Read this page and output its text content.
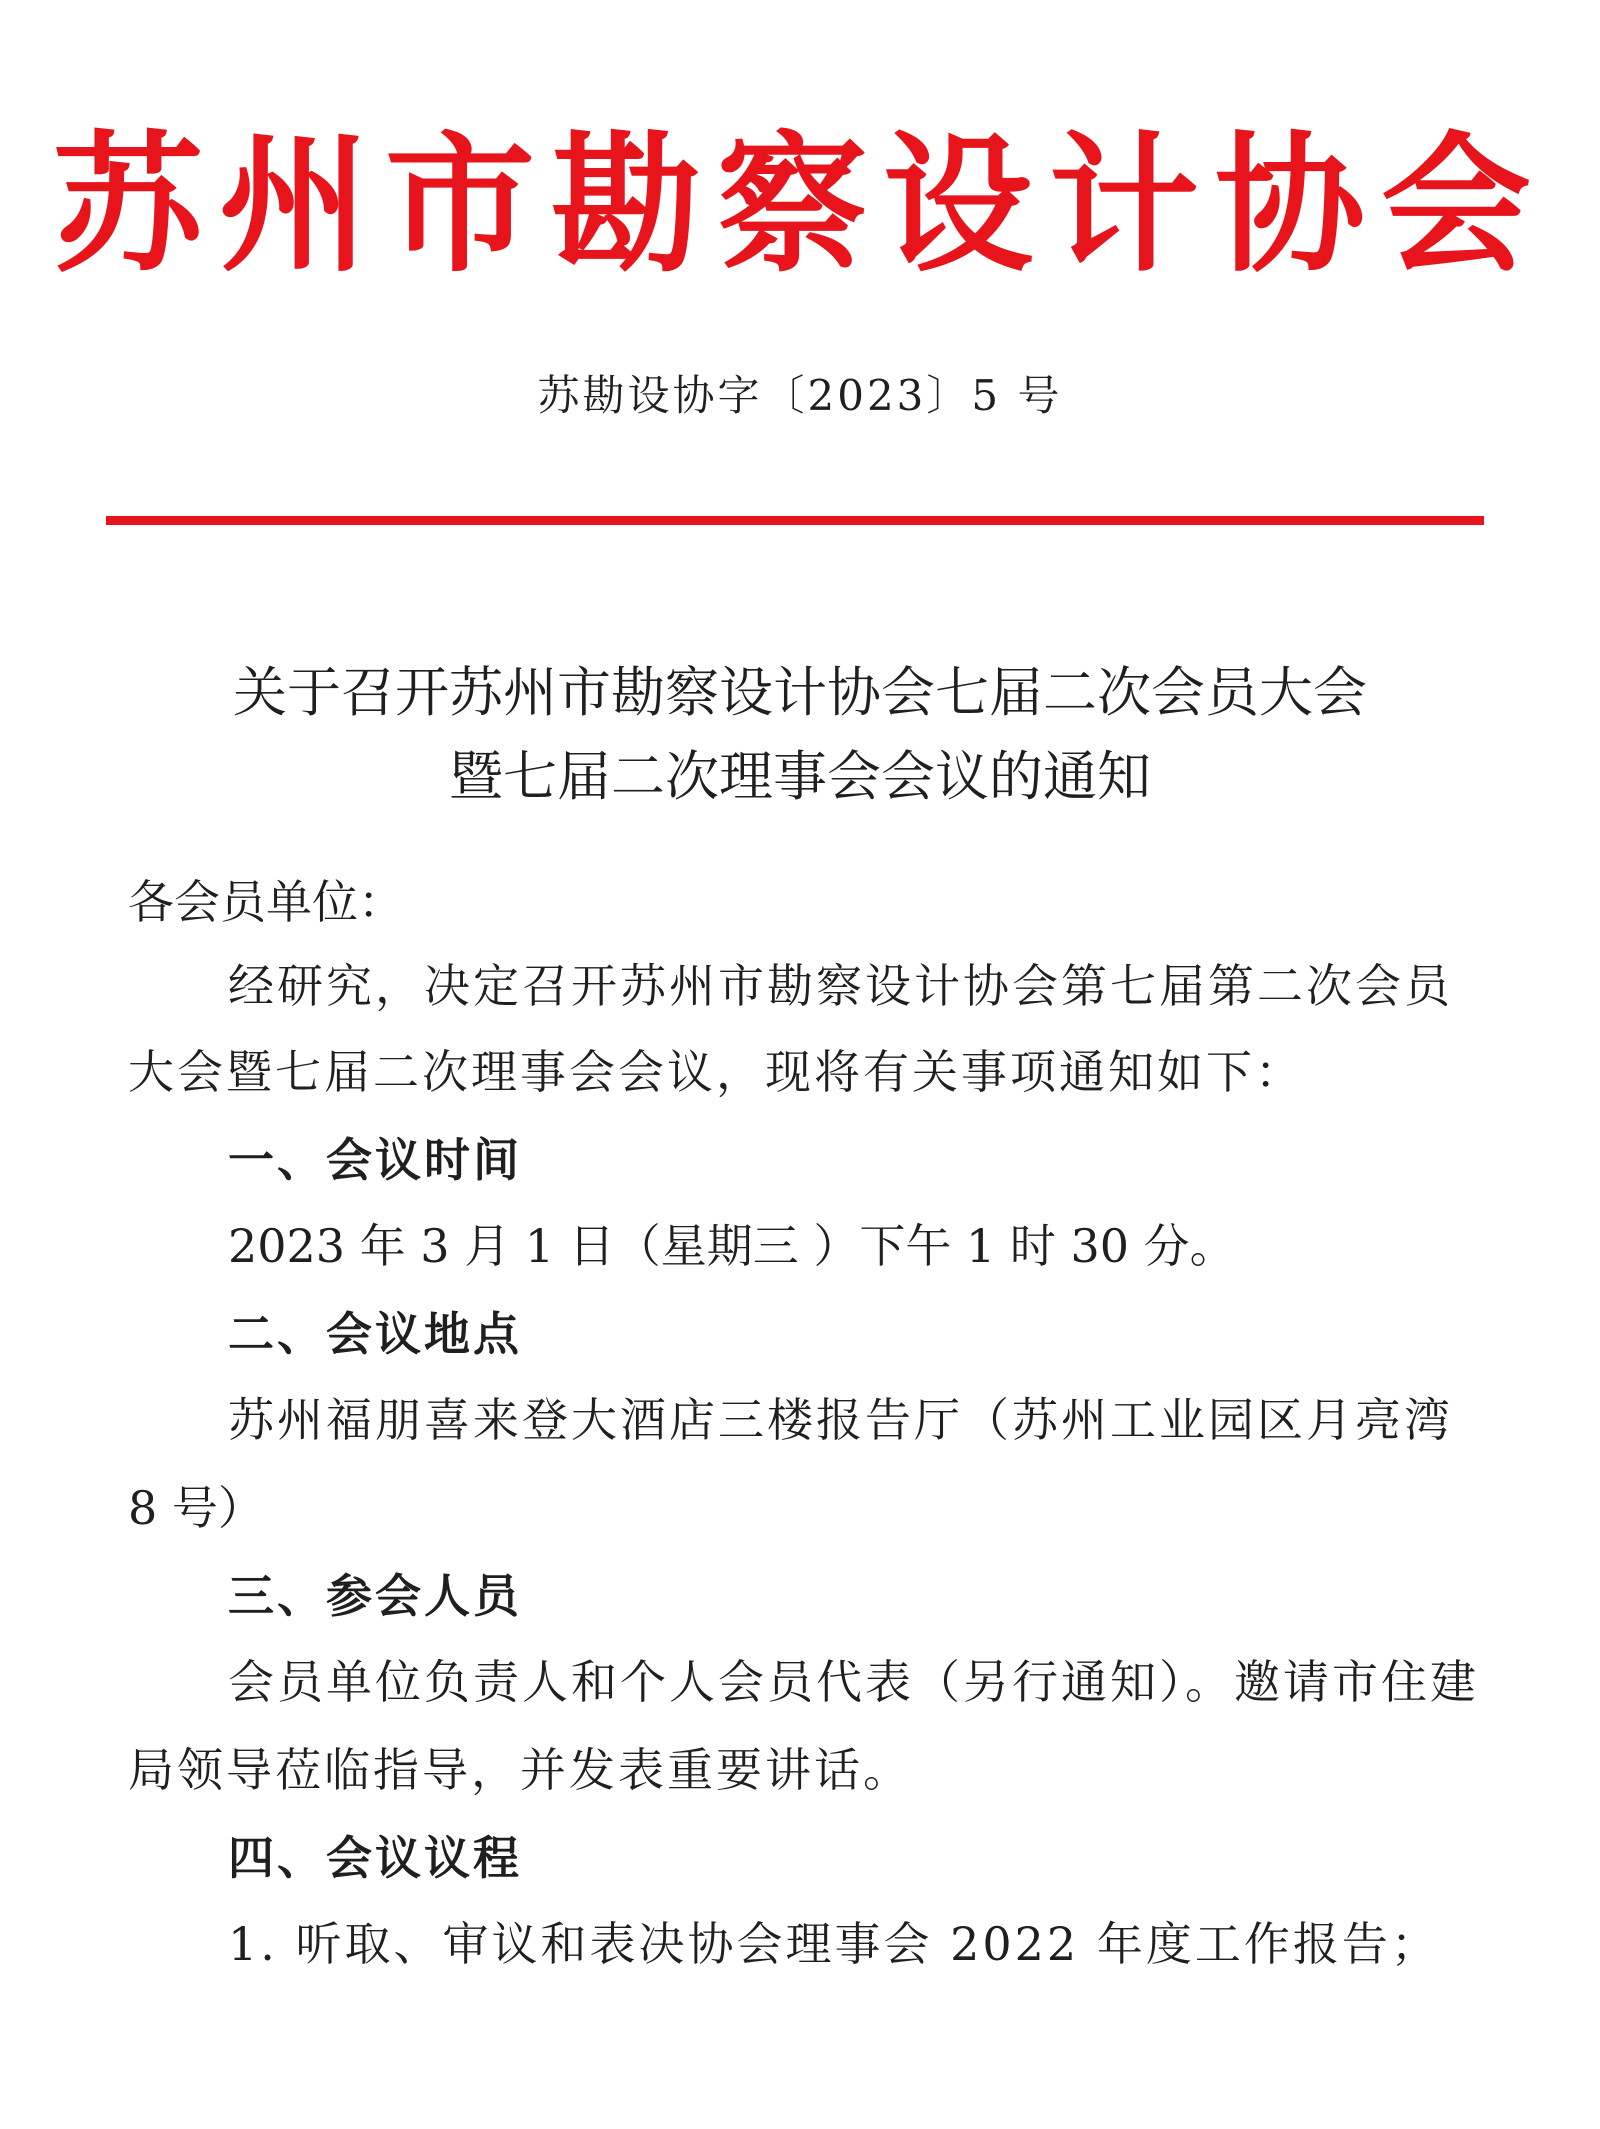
苏州市勘察设计协会
苏勘设协字〔2023〕5 号
关于召开苏州市勘察设计协会七届二次会员大会
暨七届二次理事会会议的通知
各会员单位：
经研究，决定召开苏州市勘察设计协会第七届第二次会员
大会暨七届二次理事会会议，现将有关事项通知如下：
一、会议时间
2023 年 3 月 1 日（星期三 ）下午 1 时 30 分。
二、会议地点
苏州福朋喜来登大酒店三楼报告厅（苏州工业园区月亮湾
8 号）
三、参会人员
会员单位负责人和个人会员代表（另行通知）。邀请市住建
局领导莅临指导，并发表重要讲话。
四、会议议程
1. 听取、审议和表决协会理事会 2022 年度工作报告；
